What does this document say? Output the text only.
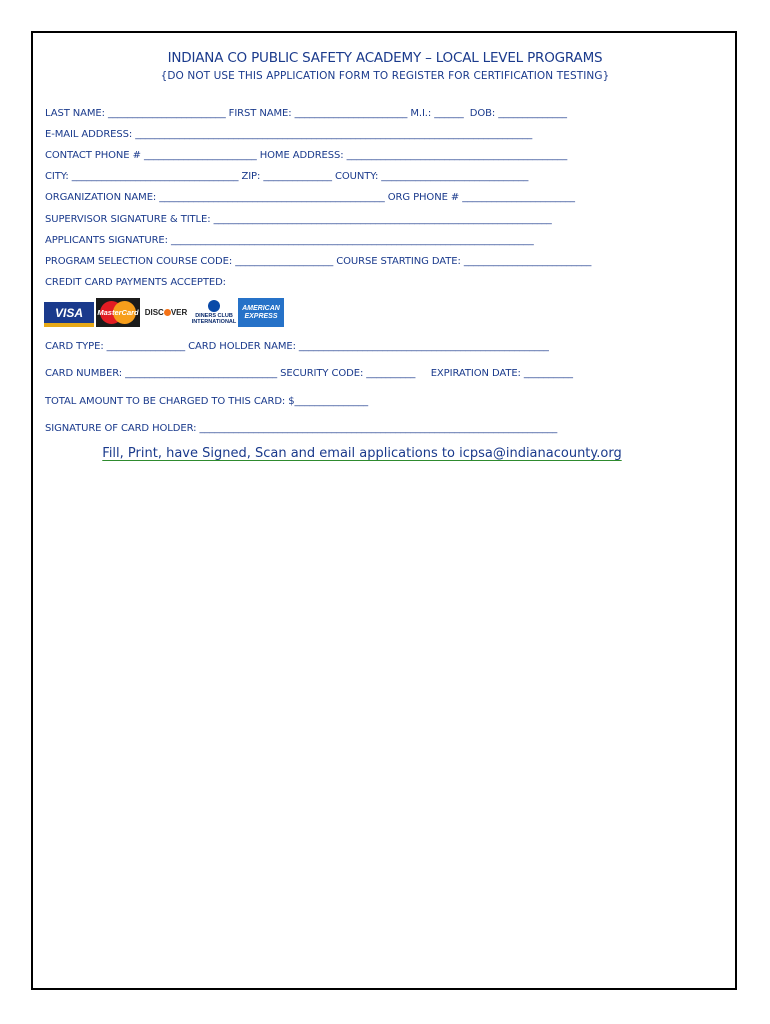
INDIANA CO PUBLIC SAFETY ACADEMY – LOCAL LEVEL PROGRAMS
{DO NOT USE THIS APPLICATION FORM TO REGISTER FOR CERTIFICATION TESTING}
LAST NAME: ________________________ FIRST NAME: _______________________ M.I.: ______  DOB: ______________
E-MAIL ADDRESS: _________________________________________________________________________________
CONTACT PHONE # _______________________ HOME ADDRESS: _____________________________________________
CITY: __________________________________ ZIP: ______________ COUNTY: ______________________________
ORGANIZATION NAME: ______________________________________________ ORG PHONE # _______________________
SUPERVISOR SIGNATURE & TITLE: _____________________________________________________________________
APPLICANTS SIGNATURE: __________________________________________________________________________
PROGRAM SELECTION COURSE CODE: ____________________ COURSE STARTING DATE: __________________________
CREDIT CARD PAYMENTS ACCEPTED:
VISA	MasterCard DISC VER DINERS CLUB
INTERNATIONAL
AMERICAN
EXPRESS
CARD TYPE: ________________ CARD HOLDER NAME: ___________________________________________________
CARD NUMBER: _______________________________ SECURITY CODE: __________     EXPIRATION DATE: __________
TOTAL AMOUNT TO BE CHARGED TO THIS CARD: $_______________
SIGNATURE OF CARD HOLDER: _________________________________________________________________________
Fill, Print, have Signed, Scan and email applications to icpsa@indianacounty.org
